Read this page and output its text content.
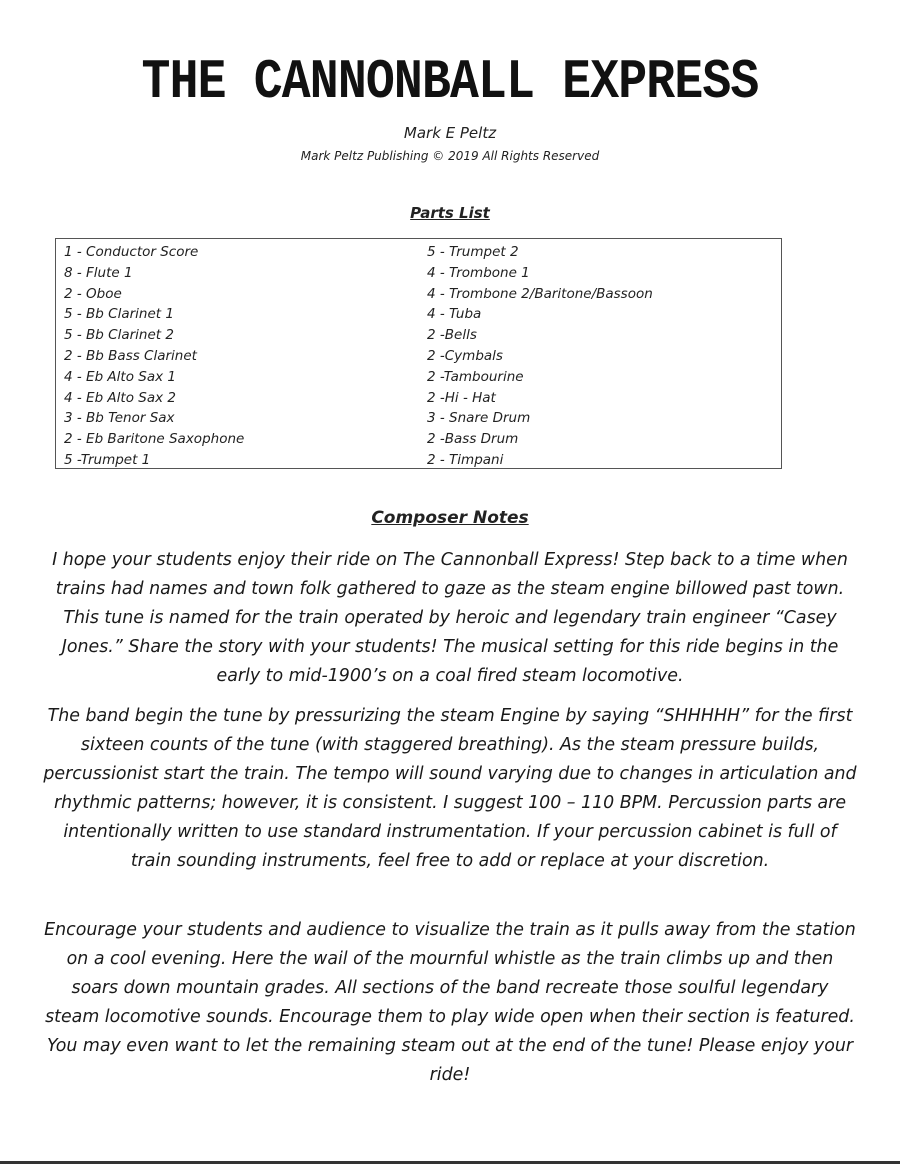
THE CANNONBALL EXPRESS
Mark E Peltz
Mark Peltz Publishing © 2019 All Rights Reserved
Parts List
1 - Conductor Score
8 - Flute 1
2 - Oboe
5 - Bb Clarinet 1
5 - Bb Clarinet 2
2 - Bb Bass Clarinet
4 - Eb Alto Sax 1
4 - Eb Alto Sax 2
3 - Bb Tenor Sax
2 - Eb Baritone Saxophone
5 -Trumpet 1
5 - Trumpet 2
4 - Trombone 1
4 - Trombone 2/Baritone/Bassoon
4 - Tuba
2 -Bells
2 -Cymbals
2 -Tambourine
2 -Hi - Hat
3 - Snare Drum
2 -Bass Drum
2 - Timpani
Composer Notes
I hope your students enjoy their ride on The Cannonball Express! Step back to a time when trains had names and town folk gathered to gaze as the steam engine billowed past town. This tune is named for the train operated by heroic and legendary train engineer “Casey Jones.” Share the story with your students! The musical setting for this ride begins in the early to mid-1900’s on a coal fired steam locomotive.
The band begin the tune by pressurizing the steam Engine by saying “SHHHHH” for the first sixteen counts of the tune (with staggered breathing). As the steam pressure builds, percussionist start the train. The tempo will sound varying due to changes in articulation and rhythmic patterns; however, it is consistent. I suggest 100 – 110 BPM. Percussion parts are intentionally written to use standard instrumentation. If your percussion cabinet is full of train sounding instruments, feel free to add or replace at your discretion.
Encourage your students and audience to visualize the train as it pulls away from the station on a cool evening. Here the wail of the mournful whistle as the train climbs up and then soars down mountain grades. All sections of the band recreate those soulful legendary steam locomotive sounds. Encourage them to play wide open when their section is featured. You may even want to let the remaining steam out at the end of the tune! Please enjoy your ride!
